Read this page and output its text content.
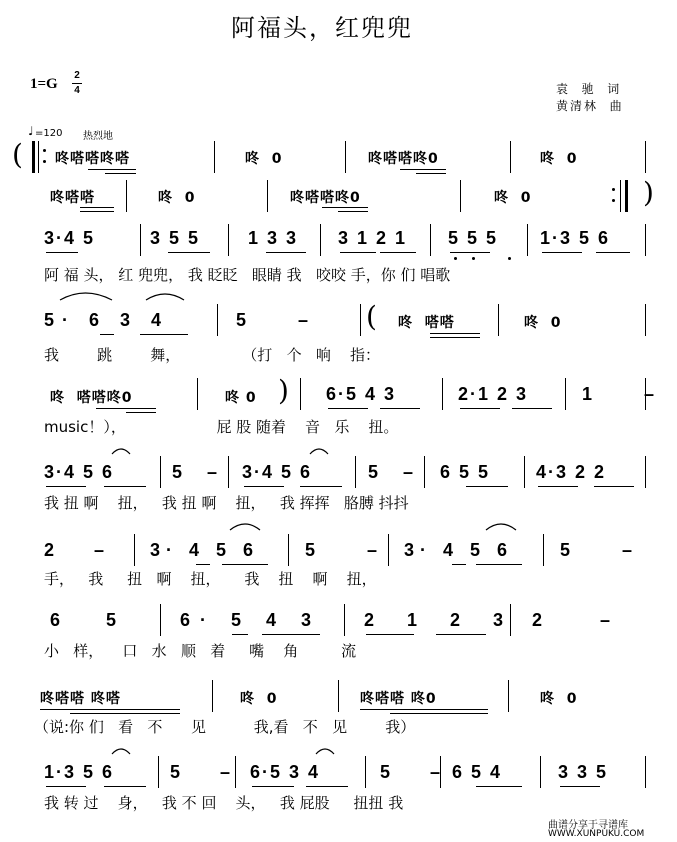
阿福头，红兜兜
1=G
2
4	袁  驰  词
黄清林  曲
♩ =120 热烈地
( 咚嗒嗒咚嗒	咚  0	咚嗒嗒咚0	咚  0
咚嗒嗒	咚  0	咚嗒嗒咚0	咚  0	)
3·4 5	3 5 5	1 3 3 3 1 2 1 5 5 5 1·3 5 6
阿 福 头， 红 兜兜， 我 眨眨   眼睛 我   咬咬 手，你 们 唱歌
5· 6 3 4	5  – ( 咚  嗒嗒	咚  0
我        跳        舞，             （打   个   响    指：
咚  嗒嗒咚0	咚 0 ) 6·5 4 3	2·1 2 3	1  –
music！），                   屁 股 随着    音   乐    扭。
3·4 5 6	5 – 3·4 5 6	5 – 6 5 5	4·3 2 2
我 扭 啊    扭，   我 扭 啊    扭，   我 挥挥   胳膊 抖抖
2  – 3· 4 5 6	5  – 3· 4 5 6	5  –
手，   我     扭   啊    扭，     我    扭    啊    扭，
6  5	6· 5 4 3 2 1 2 3 2  –
小   样，    口   水   顺   着     嘴    角         流
咚嗒嗒 咚嗒	咚  0	咚嗒嗒 咚0	咚  0
（说:你 们   看   不      见          我,看   不   见        我）
1·3 5 6	5  – 6·5 3 4	5  – 6 5 4	3 3 5
我 转 过    身，   我 不 回    头，   我 屁股     扭扭 我
曲谱分享于寻谱库
WWW.XUNPUKU.COM
